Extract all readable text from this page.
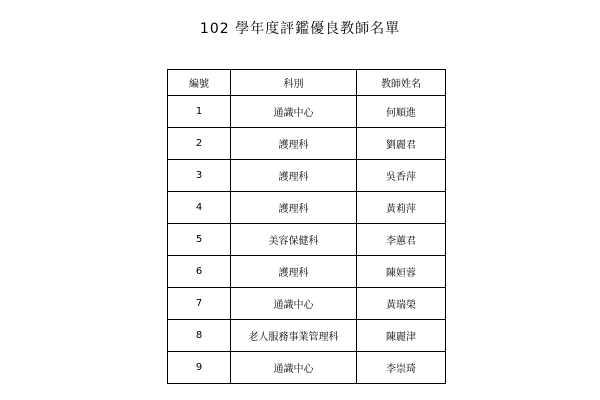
102 學年度評鑑優良教師名單
編號	科別	教師姓名
1	通識中心	何順進
2	護理科	劉麗君
3	護理科	吳香萍
4	護理科	黃莉萍
5	美容保健科	李蕙君
6	護理科	陳姮蓉
7	通識中心	黃瑞榮
8	老人服務事業管理科	陳麗津
9	通識中心	李崇琦
